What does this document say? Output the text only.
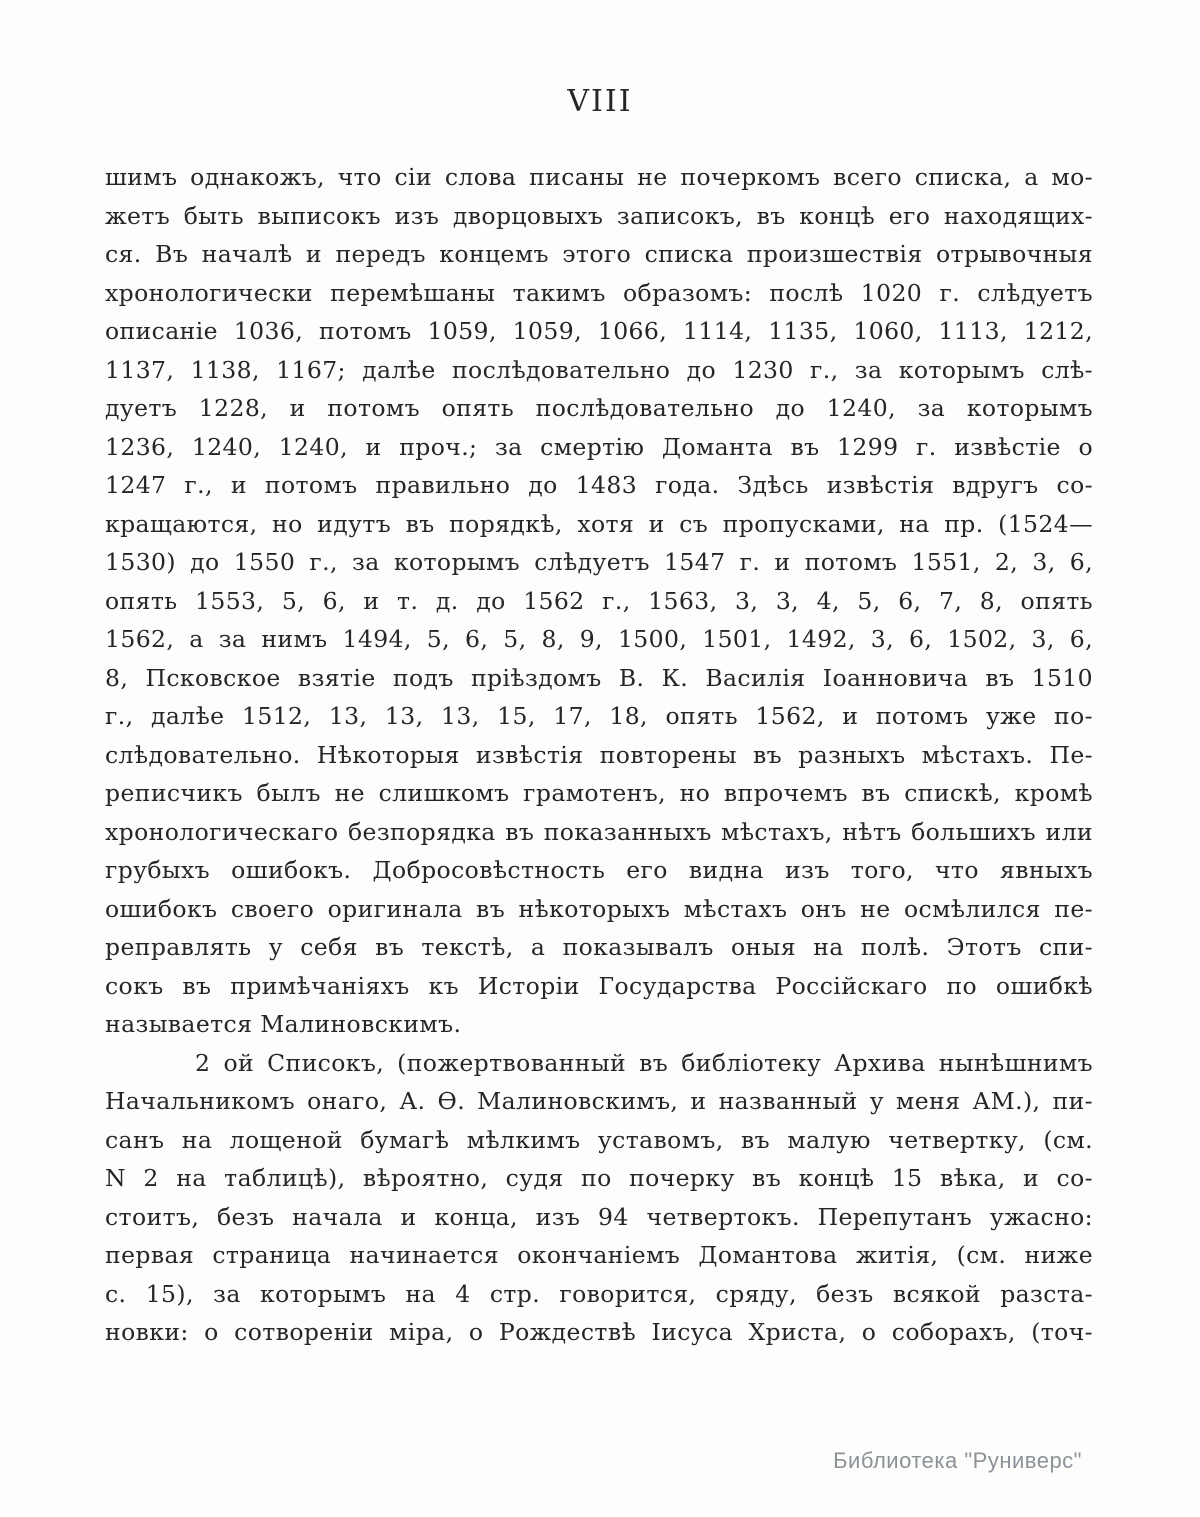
VIII
шимъ однакожъ, что сіи слова писаны не почеркомъ всего списка, а мо-
жетъ быть выписокъ изъ дворцовыхъ записокъ, въ концѣ его находящих-
ся. Въ началѣ и передъ концемъ этого списка произшествія отрывочныя
хронологически перемѣшаны такимъ образомъ: послѣ 1020 г. слѣдуетъ
описаніе 1036, потомъ 1059, 1059, 1066, 1114, 1135, 1060, 1113, 1212,
1137, 1138, 1167; далѣе послѣдовательно до 1230 г., за которымъ слѣ-
дуетъ 1228, и потомъ опять послѣдовательно до 1240, за которымъ
1236, 1240, 1240, и проч.; за смертію Доманта въ 1299 г. извѣстіе о
1247 г., и потомъ правильно до 1483 года. Здѣсь извѣстія вдругъ со-
кращаются, но идутъ въ порядкѣ, хотя и съ пропусками, на пр. (1524—
1530) до 1550 г., за которымъ слѣдуетъ 1547 г. и потомъ 1551, 2, 3, 6,
опять 1553, 5, 6, и т. д. до 1562 г., 1563, 3, 3, 4, 5, 6, 7, 8, опять
1562, а за нимъ 1494, 5, 6, 5, 8, 9, 1500, 1501, 1492, 3, 6, 1502, 3, 6,
8, Псковское взятіе подъ пріѣздомъ В. К. Василія Іоанновича въ 1510
г., далѣе 1512, 13, 13, 13, 15, 17, 18, опять 1562, и потомъ уже по-
слѣдовательно. Нѣкоторыя извѣстія повторены въ разныхъ мѣстахъ. Пе-
реписчикъ былъ не слишкомъ грамотенъ, но впрочемъ въ спискѣ, кромѣ
хронологическаго безпорядка въ показанныхъ мѣстахъ, нѣтъ большихъ или
грубыхъ ошибокъ. Добросовѣстность его видна изъ того, что явныхъ
ошибокъ своего оригинала въ нѣкоторыхъ мѣстахъ онъ не осмѣлился пе-
реправлять у себя въ текстѣ, а показывалъ оныя на полѣ. Этотъ спи-
сокъ въ примѣчаніяхъ къ Исторіи Государства Россійскаго по ошибкѣ
называется Малиновскимъ.
2 ой Списокъ, (пожертвованный въ библіотеку Архива нынѣшнимъ
Начальникомъ онаго, А. Ѳ. Малиновскимъ, и названный у меня АМ.), пи-
санъ на лощеной бумагѣ мѣлкимъ уставомъ, въ малую четвертку, (см.
N 2 на таблицѣ), вѣроятно, судя по почерку въ концѣ 15 вѣка, и со-
стоитъ, безъ начала и конца, изъ 94 четвертокъ. Перепутанъ ужасно:
первая страница начинается окончаніемъ Домантова житія, (см. ниже
с. 15), за которымъ на 4 стр. говорится, сряду, безъ всякой разста-
новки: о сотвореніи міра, о Рождествѣ Іисуса Христа, о соборахъ, (точ-
Библиотека "Руниверс"
